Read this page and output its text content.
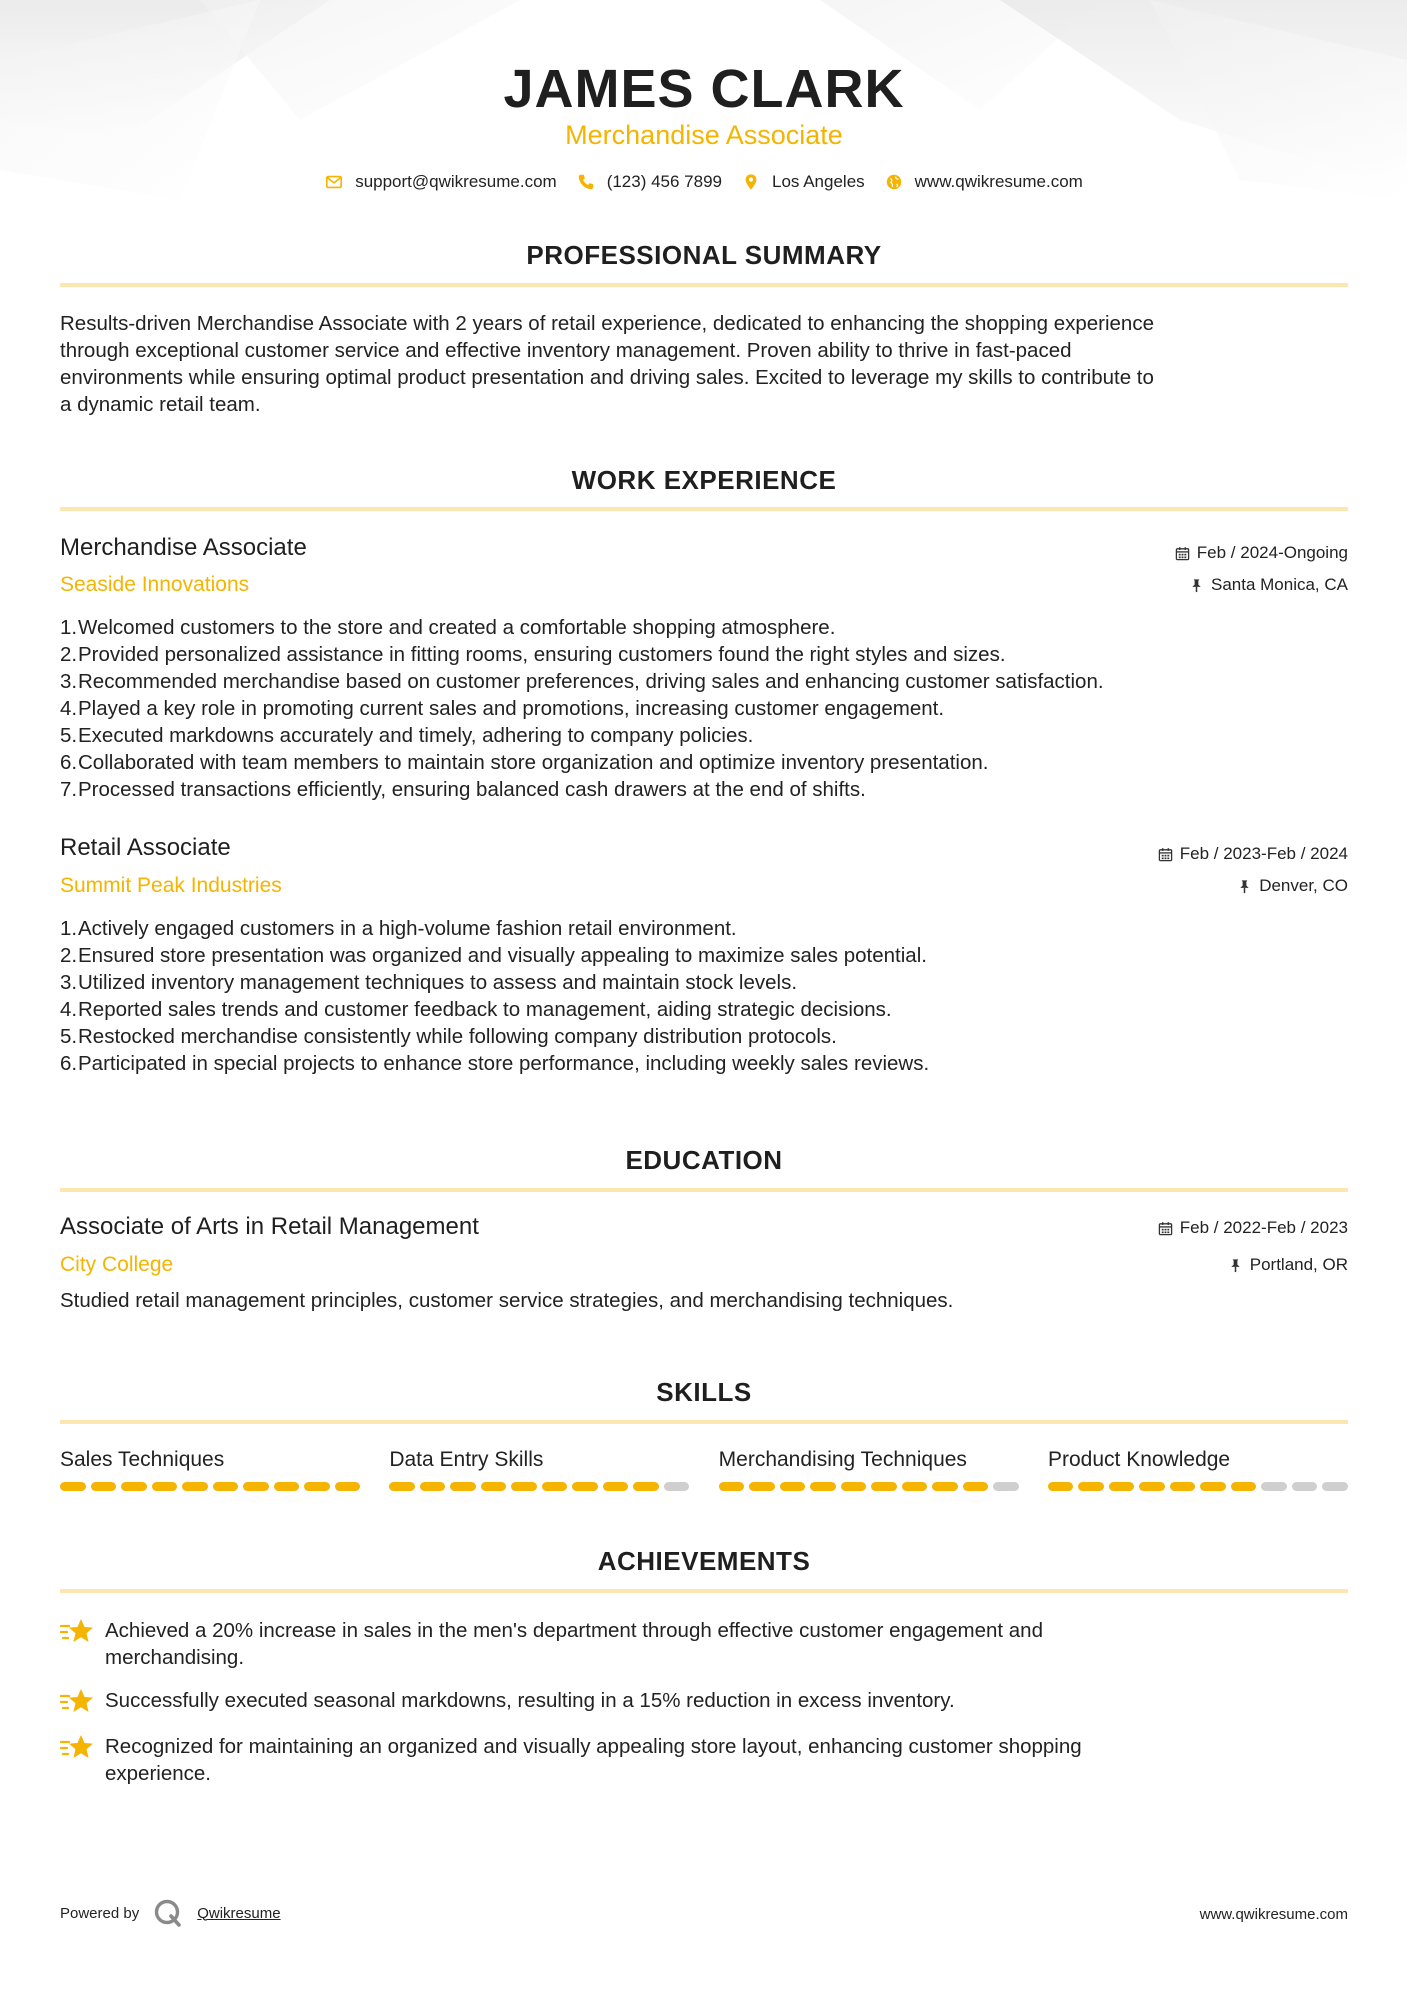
JAMES CLARK
Merchandise Associate
support@qwikresume.com	(123) 456 7899	Los Angeles	www.qwikresume.com
PROFESSIONAL SUMMARY
Results-driven Merchandise Associate with 2 years of retail experience, dedicated to enhancing the shopping experience
through exceptional customer service and effective inventory management. Proven ability to thrive in fast-paced
environments while ensuring optimal product presentation and driving sales. Excited to leverage my skills to contribute to
a dynamic retail team.
WORK EXPERIENCE
Merchandise Associate
Seaside Innovations
Feb / 2024-Ongoing
Santa Monica, CA
1. Welcomed customers to the store and created a comfortable shopping atmosphere.
2. Provided personalized assistance in fitting rooms, ensuring customers found the right styles and sizes.
3. Recommended merchandise based on customer preferences, driving sales and enhancing customer satisfaction.
4. Played a key role in promoting current sales and promotions, increasing customer engagement.
5. Executed markdowns accurately and timely, adhering to company policies.
6. Collaborated with team members to maintain store organization and optimize inventory presentation.
7. Processed transactions efficiently, ensuring balanced cash drawers at the end of shifts.
Retail Associate
Summit Peak Industries
Feb / 2023-Feb / 2024
Denver, CO
1. Actively engaged customers in a high-volume fashion retail environment.
2. Ensured store presentation was organized and visually appealing to maximize sales potential.
3. Utilized inventory management techniques to assess and maintain stock levels.
4. Reported sales trends and customer feedback to management, aiding strategic decisions.
5. Restocked merchandise consistently while following company distribution protocols.
6. Participated in special projects to enhance store performance, including weekly sales reviews.
EDUCATION
Associate of Arts in Retail Management
City College
Feb / 2022-Feb / 2023
Portland, OR
Studied retail management principles, customer service strategies, and merchandising techniques.
SKILLS
Sales Techniques	Data Entry Skills	Merchandising Techniques	Product Knowledge
ACHIEVEMENTS
Achieved a 20% increase in sales in the men's department through effective customer engagement and
merchandising.
Successfully executed seasonal markdowns, resulting in a 15% reduction in excess inventory.
Recognized for maintaining an organized and visually appealing store layout, enhancing customer shopping
experience.
Powered by	Qwikresume	www.qwikresume.com
